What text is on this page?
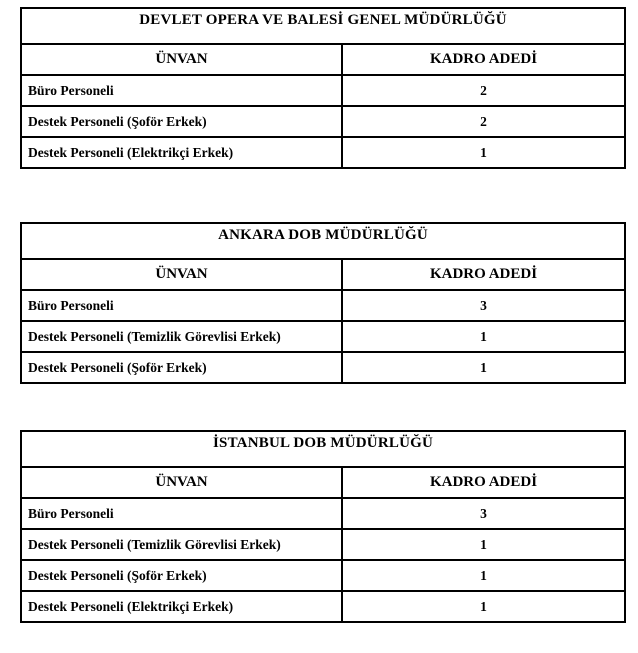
DEVLET OPERA VE BALESİ GENEL MÜDÜRLÜĞÜ	
ÜNVAN	KADRO ADEDİ
Büro Personeli	2
Destek Personeli (Şoför Erkek)	2
Destek Personeli (Elektrikçi Erkek)	1
ANKARA DOB MÜDÜRLÜĞÜ	
ÜNVAN	KADRO ADEDİ
Büro Personeli	3
Destek Personeli (Temizlik Görevlisi Erkek)	1
Destek Personeli (Şoför Erkek)	1
İSTANBUL DOB MÜDÜRLÜĞÜ	
ÜNVAN	KADRO ADEDİ
Büro Personeli	3
Destek Personeli (Temizlik Görevlisi Erkek)	1
Destek Personeli (Şoför Erkek)	1
Destek Personeli (Elektrikçi Erkek)	1
